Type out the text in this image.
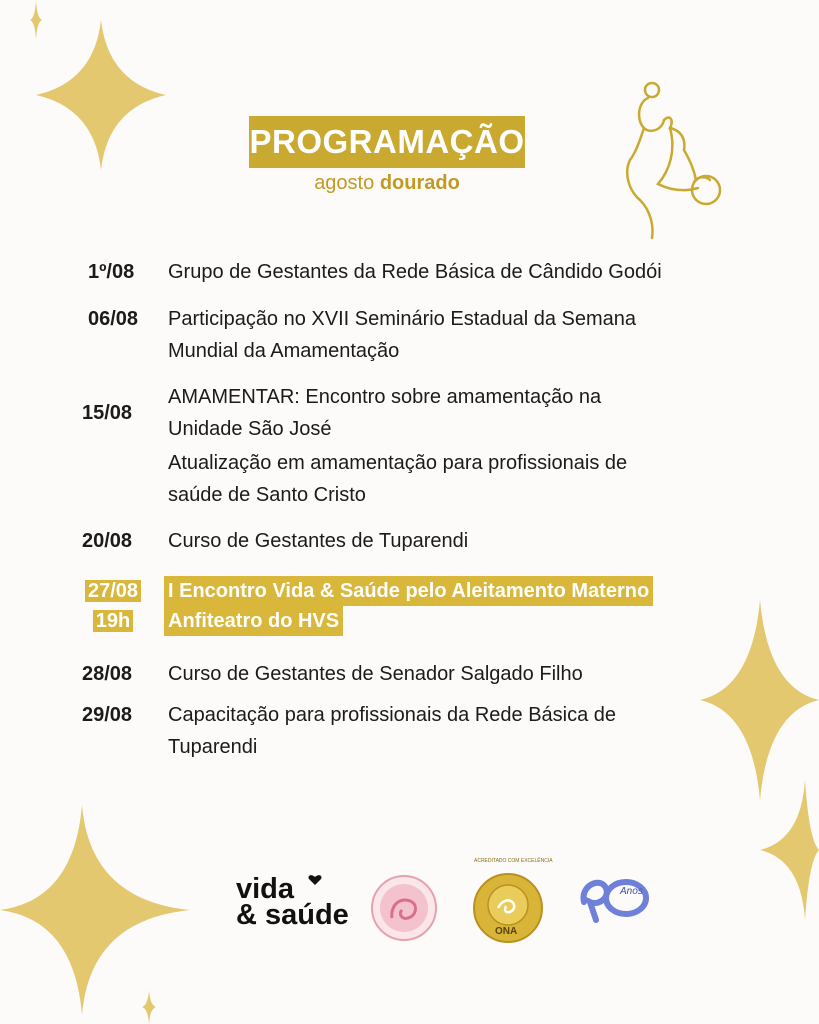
PROGRAMAÇÃO
agosto dourado
1º/08 Grupo de Gestantes da Rede Básica de Cândido Godói
06/08 Participação no XVII Seminário Estadual da Semana
Mundial da Amamentação
15/08
AMAMENTAR: Encontro sobre amamentação na
Unidade São José
Atualização em amamentação para profissionais de
saúde de Santo Cristo
20/08 Curso de Gestantes de Tuparendi
27/08
19h
I Encontro Vida & Saúde pelo Aleitamento Materno
Anfiteatro do HVS
28/08 Curso de Gestantes de Senador Salgado Filho
29/08 Capacitação para profissionais da Rede Básica de
Tuparendi
vida
& saúde
ONA
ACREDITADO COM EXCELÊNCIA
Anos
